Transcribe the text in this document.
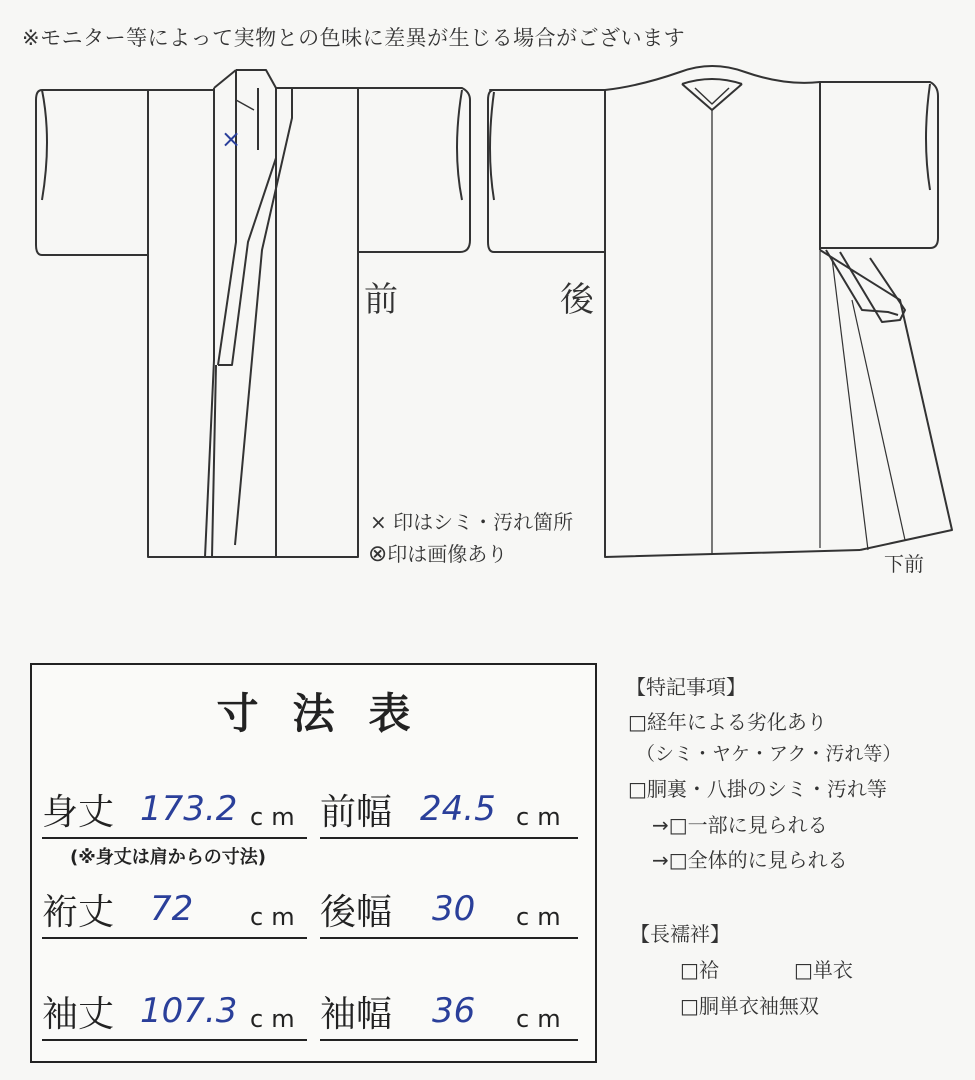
※モニター等によって実物との色味に差異が生じる場合がございます
×
前	後
× 印はシミ・汚れ箇所
⊗印は画像あり	下前
寸法表
身丈 173.2 cm 前幅 24.5 cm
(※身丈は肩からの寸法)
裄丈 72 cm 後幅 30 cm
袖丈 107.3 cm 袖幅 36 cm
【特記事項】
□経年による劣化あり
（シミ・ヤケ・アク・汚れ等）
□胴裏・八掛のシミ・汚れ等
→□一部に見られる
→□全体的に見られる
【長襦袢】
□袷	□単衣
□胴単衣袖無双
